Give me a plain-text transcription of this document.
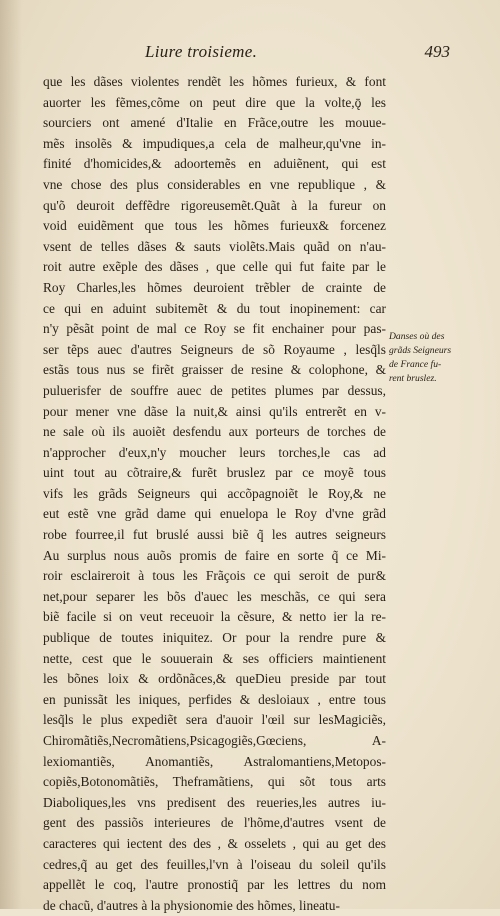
Liure troisieme.	493
que les dãses violentes rendẽt les hõmes furieux, & font
auorter les fẽmes,cõme on peut dire que la volte,ǭ les
sourciers ont amené d'Italie en Frãce,outre les mouue-
mẽs insolẽs & impudiques,a cela de malheur,qu'vne in-
finité d'homicides,& adoortemẽs en aduiẽnent, qui est
vne chose des plus considerables en vne republique , &
qu'õ deuroit deffẽdre rigoreusemẽt.Quãt à la fureur on
void euidẽment que tous les hõmes furieux& forcenez
vsent de telles dãses & sauts violẽts.Mais quãd on n'au-
roit autre exẽple des dãses , que celle qui fut faite par le
Roy Charles,les hõmes deuroient trẽbler de crainte de
ce qui en aduint subitemẽt & du tout inopinement: car
n'y pẽsãt point de mal ce Roy se fit enchainer pour pas-
ser tẽps auec d'autres Seigneurs de sõ Royaume , lesq̃ls
estãs tous nus se firẽt graisser de resine & colophone, &
puluerisfer de souffre auec de petites plumes par dessus,
pour mener vne dãse la nuit,& ainsi qu'ils entrerẽt en v-
ne sale où ils auoiẽt desfendu aux porteurs de torches de
n'approcher d'eux,n'y moucher leurs torches,le cas ad
uint tout au cõtraire,& furẽt bruslez par ce moyẽ tous
vifs les grãds Seigneurs qui accõpagnoiẽt le Roy,& ne
eut estẽ vne grãd dame qui enuelopa le Roy d'vne grãd
robe fourree,il fut bruslé aussi biẽ q̃ les autres seigneurs
Au surplus nous auõs promis de faire en sorte q̃ ce Mi-
roir esclaireroit à tous les Frãçois ce qui seroit de pur&
net,pour separer les bõs d'auec les meschãs, ce qui sera
biẽ facile si on veut receuoir la cẽsure, & netto ier la re-
publique de toutes iniquitez. Or pour la rendre pure &
nette, cest que le souuerain & ses officiers maintienent
les bõnes loix & ordõnãces,& queDieu preside par tout
en punissãt les iniques, perfides & desloiaux , entre tous
lesq̃ls le plus expediẽt sera d'auoir l'œil sur lesMagiciẽs,
Chiromãtiẽs,Necromãtiens,Psicagogiẽs,Gœciens, A-
lexiomantiẽs, Anomantiẽs, Astralomantiens,Metopos-
copiẽs,Botonomãtiẽs, Theframãtiens, qui sõt tous arts
Diaboliques,les vns predisent des reueries,les autres iu-
gent des passiõs interieures de l'hõme,d'autres vsent de
caracteres qui iectent des des , & osselets , qui au get des
cedres,q̃ au get des feuilles,l'vn à l'oiseau du soleil qu'ils
appellẽt le coq, l'autre pronostiq̃ par les lettres du nom
de chacũ, d'autres à la physionomie des hõmes, lineatu-
Danses où des
grãds Seigneurs
de France fu-
rent bruslez.
